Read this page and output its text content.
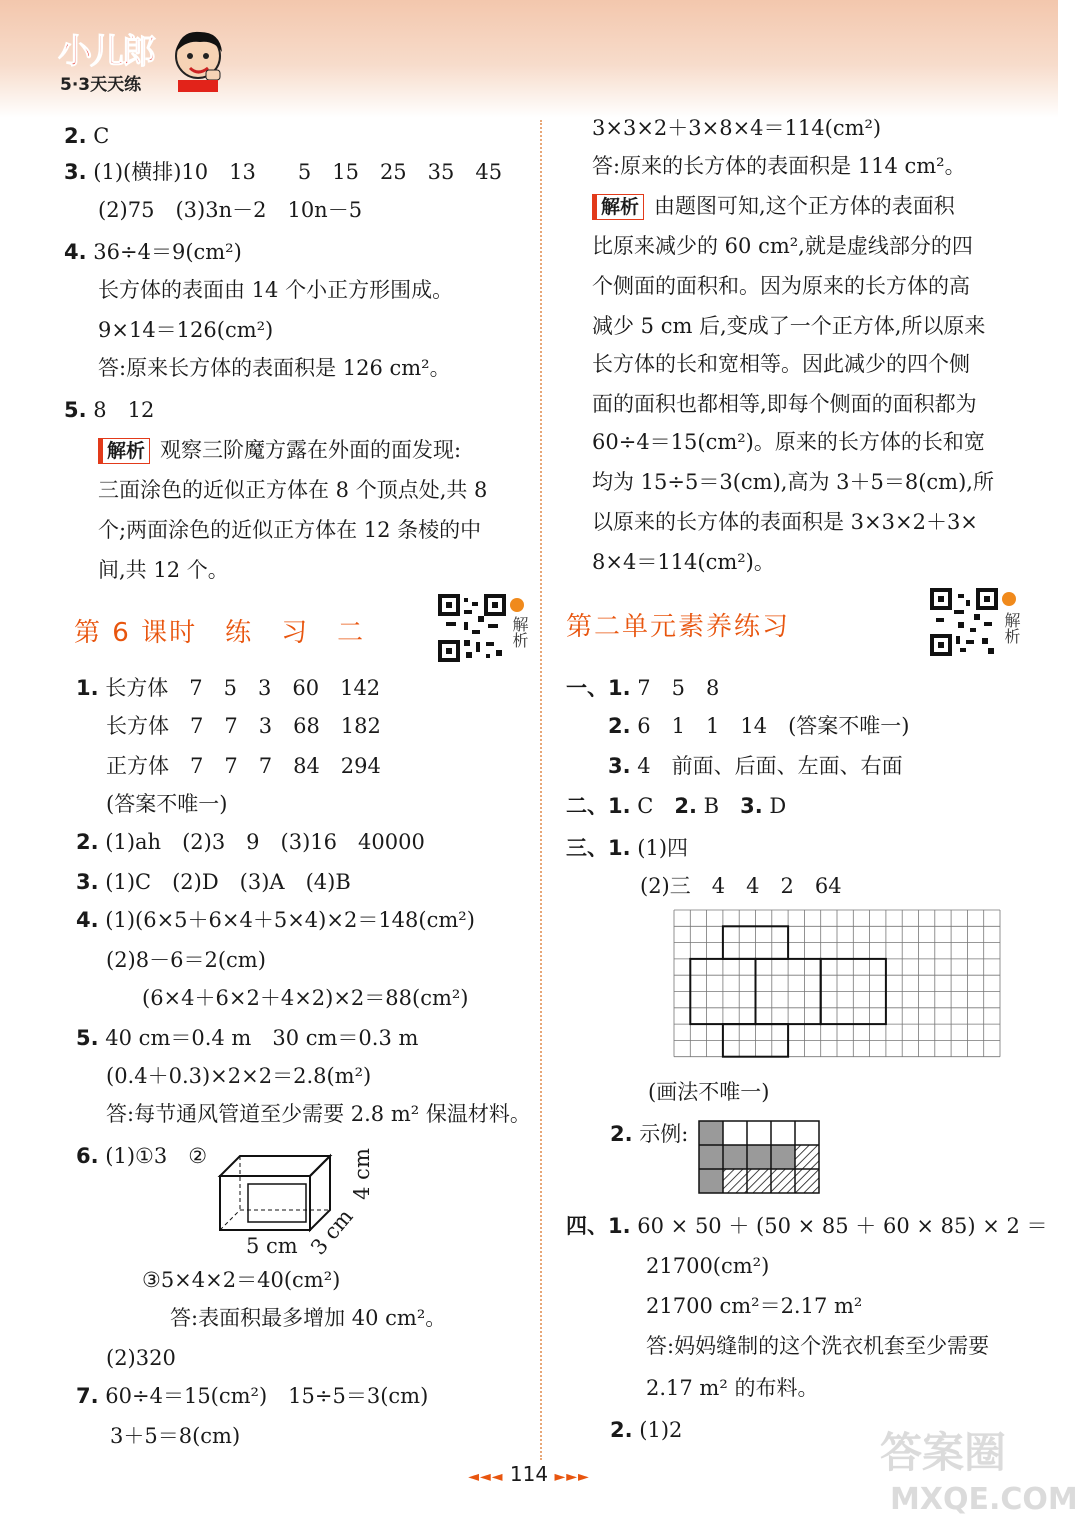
小儿郎
5·3天天练
2. C
3. (1)(横排)10　13　　5　15　25　35　45
(2)75　(3)3n－2　10n－5
4. 36÷4＝9(cm²)
长方体的表面由 14 个小正方形围成。
9×14＝126(cm²)
答:原来长方体的表面积是 126 cm²。
5. 8　12
解析 观察三阶魔方露在外面的面发现:
三面涂色的近似正方体在 8 个顶点处,共 8
个;两面涂色的近似正方体在 12 条棱的中
间,共 12 个。
第 6 课时　练　习　二	解析
1. 长方体　7　5　3　60　142
长方体　7　7　3　68　182
正方体　7　7　7　84　294
(答案不唯一)
2. (1)ah　(2)3　9　(3)16　40000
3. (1)C　(2)D　(3)A　(4)B
4. (1)(6×5＋6×4＋5×4)×2＝148(cm²)
(2)8－6＝2(cm)
(6×4＋6×2＋4×2)×2＝88(cm²)
5. 40 cm＝0.4 m　30 cm＝0.3 m
(0.4＋0.3)×2×2＝2.8(m²)
答:每节通风管道至少需要 2.8 m² 保温材料。
6. (1)①3　②	4 cm
5 cm 3 cm
③5×4×2＝40(cm²)
答:表面积最多增加 40 cm²。
(2)320
7. 60÷4＝15(cm²)　15÷5＝3(cm)
3＋5＝8(cm)
3×3×2＋3×8×4＝114(cm²)
答:原来的长方体的表面积是 114 cm²。
解析 由题图可知,这个正方体的表面积
比原来减少的 60 cm²,就是虚线部分的四
个侧面的面积和。因为原来的长方体的高
减少 5 cm 后,变成了一个正方体,所以原来
长方体的长和宽相等。因此减少的四个侧
面的面积也都相等,即每个侧面的面积都为
60÷4＝15(cm²)。原来的长方体的长和宽
均为 15÷5＝3(cm),高为 3＋5＝8(cm),所
以原来的长方体的表面积是 3×3×2＋3×
8×4＝114(cm²)。
第二单元素养练习	解析
一、1. 7　5　8
2. 6　1　1　14　(答案不唯一)
3. 4　前面、后面、左面、右面
二、1. C　 2. B　 3. D
三、1. (1)四
(2)三　4　4　2　64
(画法不唯一)
2. 示例:
四、1. 60 × 50 ＋ (50 × 85 ＋ 60 × 85) × 2 ＝
21700(cm²)
21700 cm²＝2.17 m²
答:妈妈缝制的这个洗衣机套至少需要
2.17 m² 的布料。
2. (1)2
◄◄◄ 114 ►►►	答案圈
MXQE.COM
